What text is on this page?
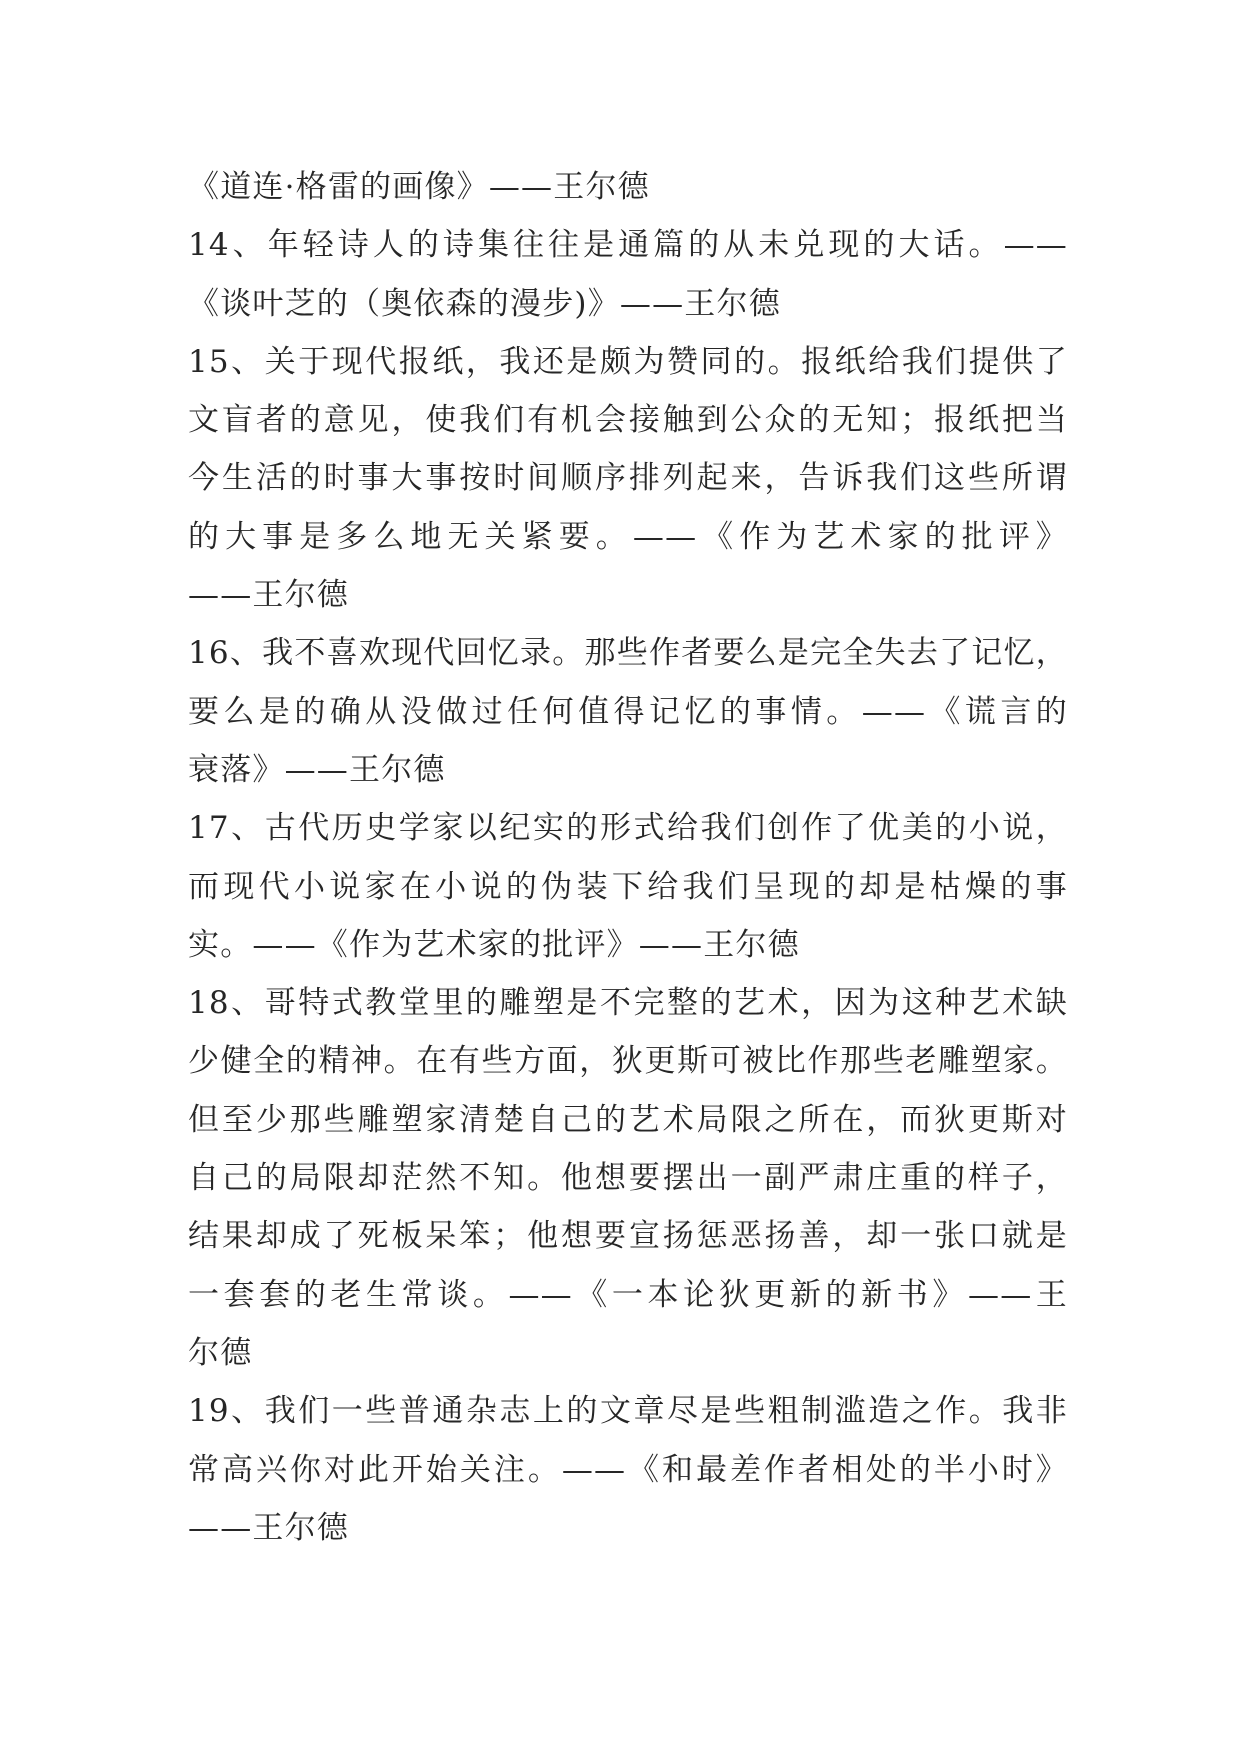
《道连·格雷的画像》——王尔德
14、年轻诗人的诗集往往是通篇的从未兑现的大话。——
《谈叶芝的（奥依森的漫步)》——王尔德
15、关于现代报纸，我还是颇为赞同的。报纸给我们提供了
文盲者的意见，使我们有机会接触到公众的无知；报纸把当
今生活的时事大事按时间顺序排列起来，告诉我们这些所谓
的大事是多么地无关紧要。——《作为艺术家的批评》
——王尔德
16、我不喜欢现代回忆录。那些作者要么是完全失去了记忆，
要么是的确从没做过任何值得记忆的事情。——《谎言的
衰落》——王尔德
17、古代历史学家以纪实的形式给我们创作了优美的小说，
而现代小说家在小说的伪装下给我们呈现的却是枯燥的事
实。——《作为艺术家的批评》——王尔德
18、哥特式教堂里的雕塑是不完整的艺术，因为这种艺术缺
少健全的精神。在有些方面，狄更斯可被比作那些老雕塑家。
但至少那些雕塑家清楚自己的艺术局限之所在，而狄更斯对
自己的局限却茫然不知。他想要摆出一副严肃庄重的样子，
结果却成了死板呆笨；他想要宣扬惩恶扬善，却一张口就是
一套套的老生常谈。——《一本论狄更新的新书》——王
尔德
19、我们一些普通杂志上的文章尽是些粗制滥造之作。我非
常高兴你对此开始关注。——《和最差作者相处的半小时》
——王尔德
